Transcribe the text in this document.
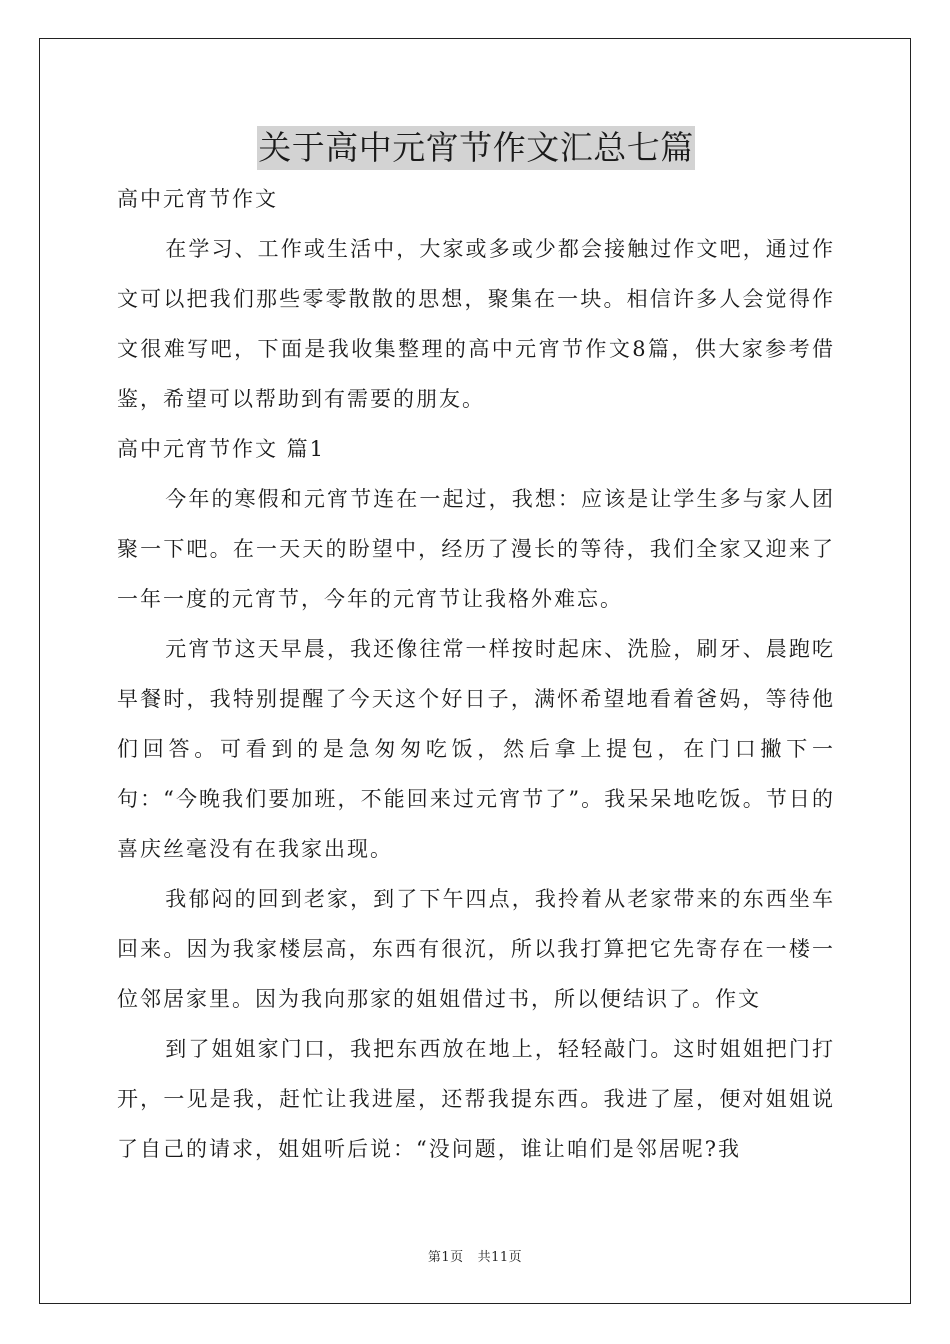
关于高中元宵节作文汇总七篇

高中元宵节作文

在学习、工作或生活中，大家或多或少都会接触过作文吧，通过作文可以把我们那些零零散散的思想，聚集在一块。相信许多人会觉得作文很难写吧，下面是我收集整理的高中元宵节作文8篇，供大家参考借鉴，希望可以帮助到有需要的朋友。

高中元宵节作文 篇1

今年的寒假和元宵节连在一起过，我想：应该是让学生多与家人团聚一下吧。在一天天的盼望中，经历了漫长的等待，我们全家又迎来了一年一度的元宵节，今年的元宵节让我格外难忘。

元宵节这天早晨，我还像往常一样按时起床、洗脸，刷牙、晨跑吃早餐时，我特别提醒了今天这个好日子，满怀希望地看着爸妈，等待他们回答。可看到的是急匆匆吃饭，然后拿上提包，在门口撇下一句：“今晚我们要加班，不能回来过元宵节了”。我呆呆地吃饭。节日的喜庆丝毫没有在我家出现。

我郁闷的回到老家，到了下午四点，我拎着从老家带来的东西坐车回来。因为我家楼层高，东西有很沉，所以我打算把它先寄存在一楼一位邻居家里。因为我向那家的姐姐借过书，所以便结识了。作文

到了姐姐家门口，我把东西放在地上，轻轻敲门。这时姐姐把门打开，一见是我，赶忙让我进屋，还帮我提东西。我进了屋，便对姐姐说了自己的请求，姐姐听后说：“没问题，谁让咱们是邻居呢?我

第1页 共11页
